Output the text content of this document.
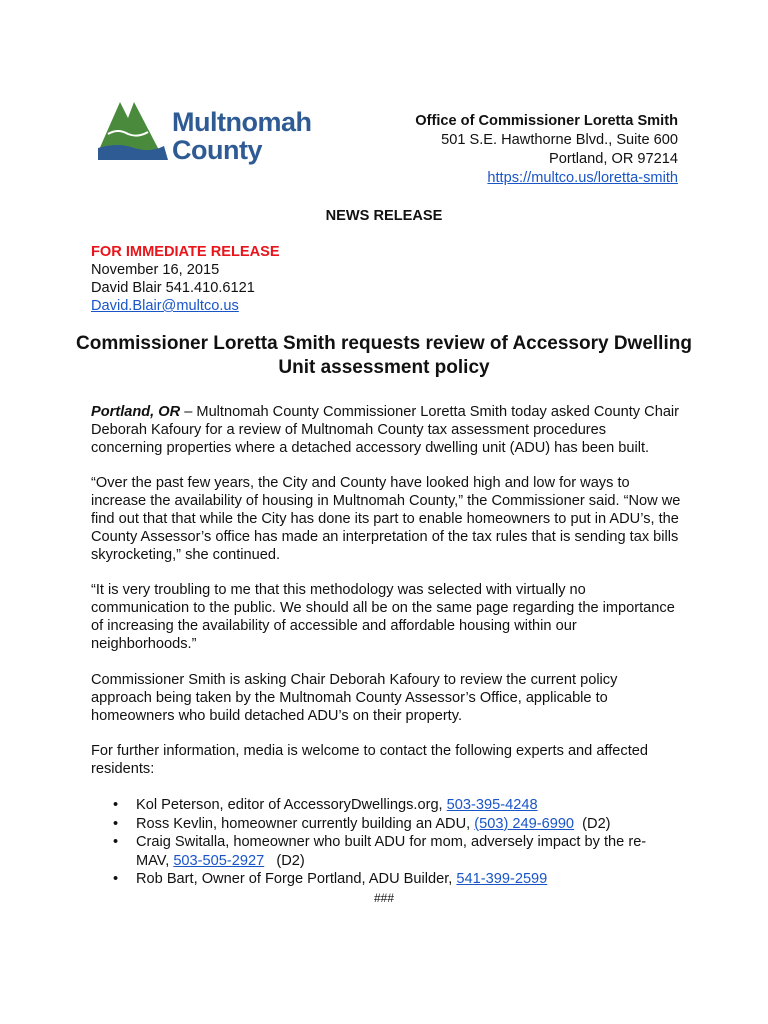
Multnomah
County
Office of Commissioner Loretta Smith
501 S.E. Hawthorne Blvd., Suite 600
Portland, OR 97214
https://multco.us/loretta-smith
NEWS RELEASE
FOR IMMEDIATE RELEASE
November 16, 2015
David Blair 541.410.6121
David.Blair@multco.us
Commissioner Loretta Smith requests review of Accessory Dwelling Unit assessment policy
Portland, OR – Multnomah County Commissioner Loretta Smith today asked County Chair Deborah Kafoury for a review of Multnomah County tax assessment procedures concerning properties where a detached accessory dwelling unit (ADU) has been built.
“Over the past few years, the City and County have looked high and low for ways to increase the availability of housing in Multnomah County,” the Commissioner said. “Now we find out that that while the City has done its part to enable homeowners to put in ADU’s, the County Assessor’s office has made an interpretation of the tax rules that is sending tax bills skyrocketing,” she continued.
“It is very troubling to me that this methodology was selected with virtually no communication to the public. We should all be on the same page regarding the importance of increasing the availability of accessible and affordable housing within our neighborhoods.”
Commissioner Smith is asking Chair Deborah Kafoury to review the current policy approach being taken by the Multnomah County Assessor’s Office, applicable to homeowners who build detached ADU’s on their property.
For further information, media is welcome to contact the following experts and affected residents:
• Kol Peterson, editor of AccessoryDwellings.org, 503-395-4248
• Ross Kevlin, homeowner currently building an ADU, (503) 249-6990  (D2)
• Craig Switalla, homeowner who built ADU for mom, adversely impact by the re-MAV, 503-505-2927   (D2)
• Rob Bart, Owner of Forge Portland, ADU Builder, 541-399-2599
###
